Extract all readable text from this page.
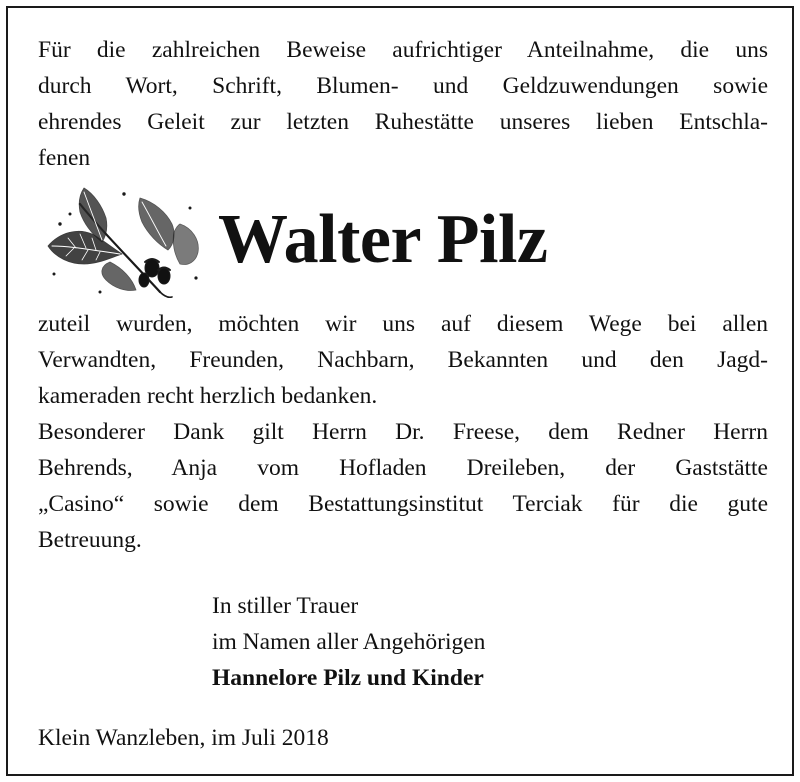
Für die zahlreichen Beweise aufrichtiger Anteilnahme, die uns
durch Wort, Schrift, Blumen- und Geldzuwendungen sowie
ehrendes Geleit zur letzten Ruhestätte unseres lieben Entschla-
fenen

Walter Pilz

zuteil wurden, möchten wir uns auf diesem Wege bei allen
Verwandten, Freunden, Nachbarn, Bekannten und den Jagd-
kameraden recht herzlich bedanken.

Besonderer Dank gilt Herrn Dr. Freese, dem Redner Herrn
Behrends, Anja vom Hofladen Dreileben, der Gaststätte
„Casino“ sowie dem Bestattungsinstitut Terciak für die gute
Betreuung.

In stiller Trauer
im Namen aller Angehörigen
Hannelore Pilz und Kinder
Klein Wanzleben, im Juli 2018
